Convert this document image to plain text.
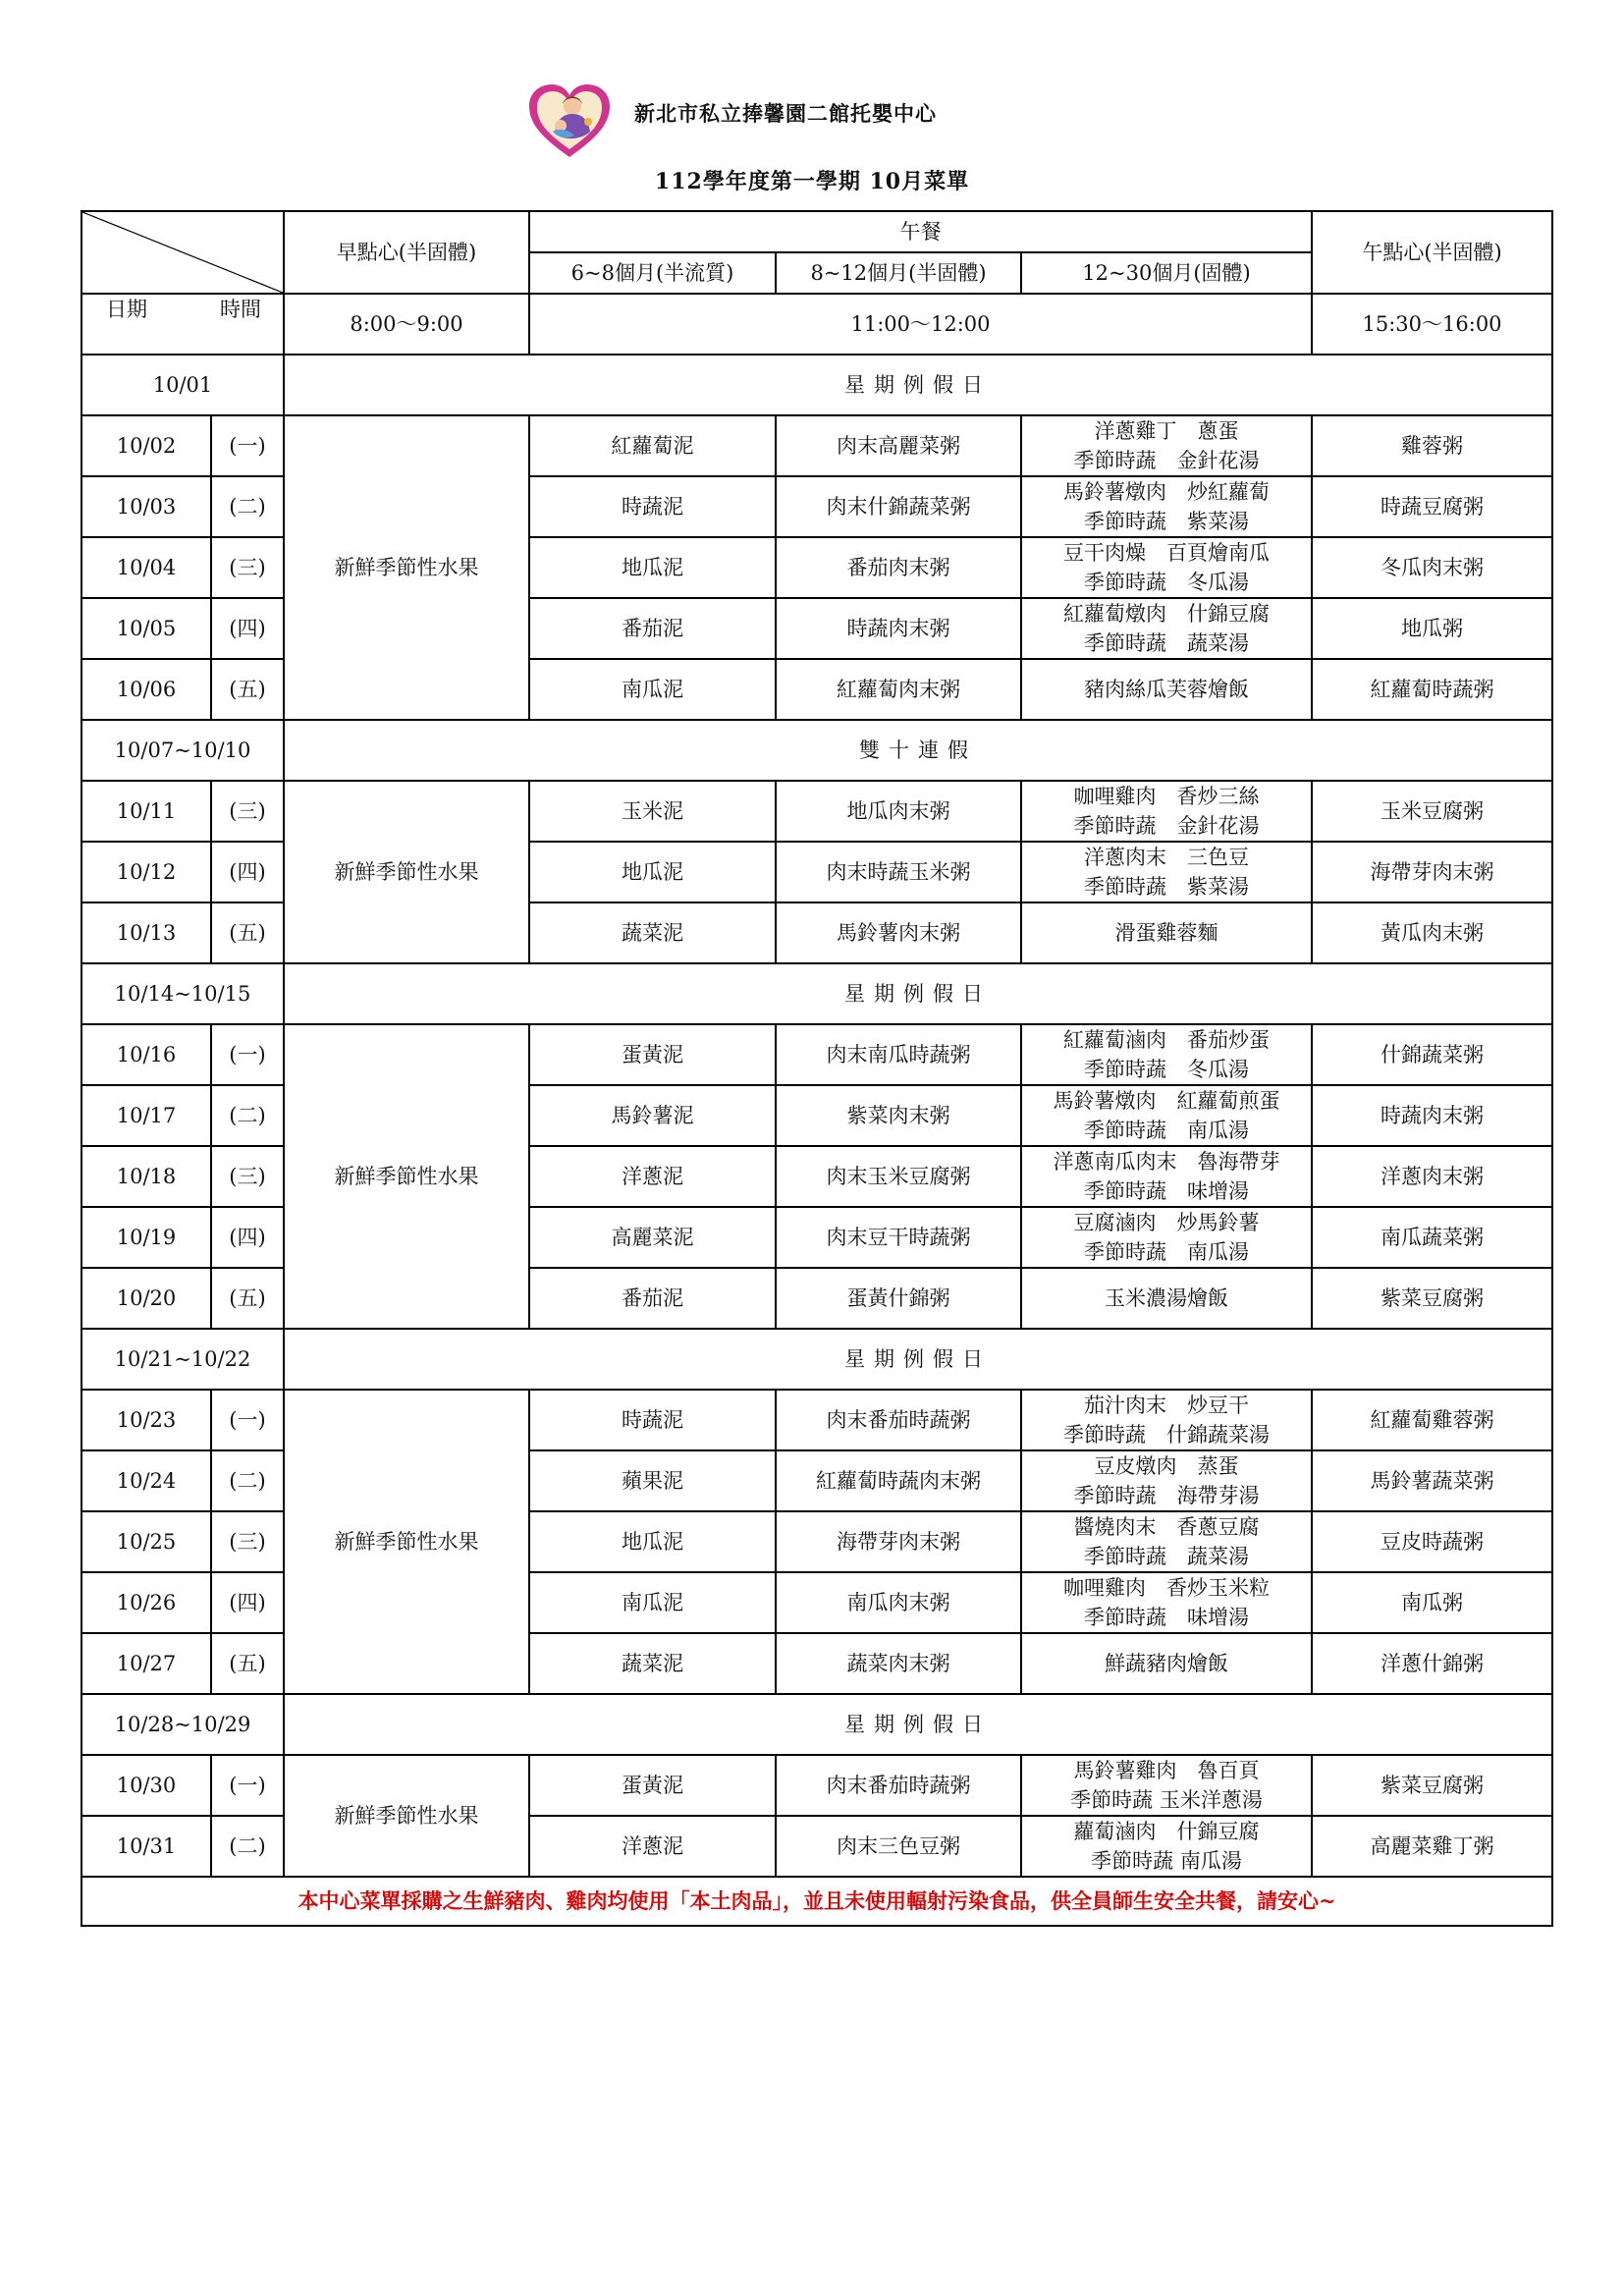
新北市私立捧馨園二館托嬰中心
112學年度第一學期 10月菜單
日期 時間		早點心(半固體)	午餐			午點心(半固體)
			6~8個月(半流質)	8~12個月(半固體)	12~30個月(固體)	
		8:00～9:00	11:00～12:00			15:30～16:00
10/01		星期例假日				
10/02	(一)	新鮮季節性水果	紅蘿蔔泥	肉末高麗菜粥	洋蔥雞丁　蔥蛋
季節時蔬　金針花湯	雞蓉粥
10/03	(二)		時蔬泥	肉末什錦蔬菜粥	馬鈴薯燉肉　炒紅蘿蔔
季節時蔬　紫菜湯	時蔬豆腐粥
10/04	(三)		地瓜泥	番茄肉末粥	豆干肉燥　百頁燴南瓜
季節時蔬　冬瓜湯	冬瓜肉末粥
10/05	(四)		番茄泥	時蔬肉末粥	紅蘿蔔燉肉　什錦豆腐
季節時蔬　蔬菜湯	地瓜粥
10/06	(五)		南瓜泥	紅蘿蔔肉末粥	豬肉絲瓜芙蓉燴飯	紅蘿蔔時蔬粥
10/07~10/10		雙十連假				
10/11	(三)	新鮮季節性水果	玉米泥	地瓜肉末粥	咖哩雞肉　香炒三絲
季節時蔬　金針花湯	玉米豆腐粥
10/12	(四)		地瓜泥	肉末時蔬玉米粥	洋蔥肉末　三色豆
季節時蔬　紫菜湯	海帶芽肉末粥
10/13	(五)		蔬菜泥	馬鈴薯肉末粥	滑蛋雞蓉麵	黃瓜肉末粥
10/14~10/15		星期例假日				
10/16	(一)	新鮮季節性水果	蛋黃泥	肉末南瓜時蔬粥	紅蘿蔔滷肉　番茄炒蛋
季節時蔬　冬瓜湯	什錦蔬菜粥
10/17	(二)		馬鈴薯泥	紫菜肉末粥	馬鈴薯燉肉　紅蘿蔔煎蛋
季節時蔬　南瓜湯	時蔬肉末粥
10/18	(三)		洋蔥泥	肉末玉米豆腐粥	洋蔥南瓜肉末　魯海帶芽
季節時蔬　味增湯	洋蔥肉末粥
10/19	(四)		高麗菜泥	肉末豆干時蔬粥	豆腐滷肉　炒馬鈴薯
季節時蔬　南瓜湯	南瓜蔬菜粥
10/20	(五)		番茄泥	蛋黃什錦粥	玉米濃湯燴飯	紫菜豆腐粥
10/21~10/22		星期例假日				
10/23	(一)	新鮮季節性水果	時蔬泥	肉末番茄時蔬粥	茄汁肉末　炒豆干
季節時蔬　什錦蔬菜湯	紅蘿蔔雞蓉粥
10/24	(二)		蘋果泥	紅蘿蔔時蔬肉末粥	豆皮燉肉　蒸蛋
季節時蔬　海帶芽湯	馬鈴薯蔬菜粥
10/25	(三)		地瓜泥	海帶芽肉末粥	醬燒肉末　香蔥豆腐
季節時蔬　蔬菜湯	豆皮時蔬粥
10/26	(四)		南瓜泥	南瓜肉末粥	咖哩雞肉　香炒玉米粒
季節時蔬　味增湯	南瓜粥
10/27	(五)		蔬菜泥	蔬菜肉末粥	鮮蔬豬肉燴飯	洋蔥什錦粥
10/28~10/29		星期例假日				
10/30	(一)	新鮮季節性水果	蛋黃泥	肉末番茄時蔬粥	馬鈴薯雞肉　魯百頁
季節時蔬 玉米洋蔥湯	紫菜豆腐粥
10/31	(二)		洋蔥泥	肉末三色豆粥	蘿蔔滷肉　什錦豆腐
季節時蔬 南瓜湯	高麗菜雞丁粥
本中心菜單採購之生鮮豬肉、雞肉均使用「本土肉品」，並且未使用輻射污染食品，供全員師生安全共餐，請安心~						
